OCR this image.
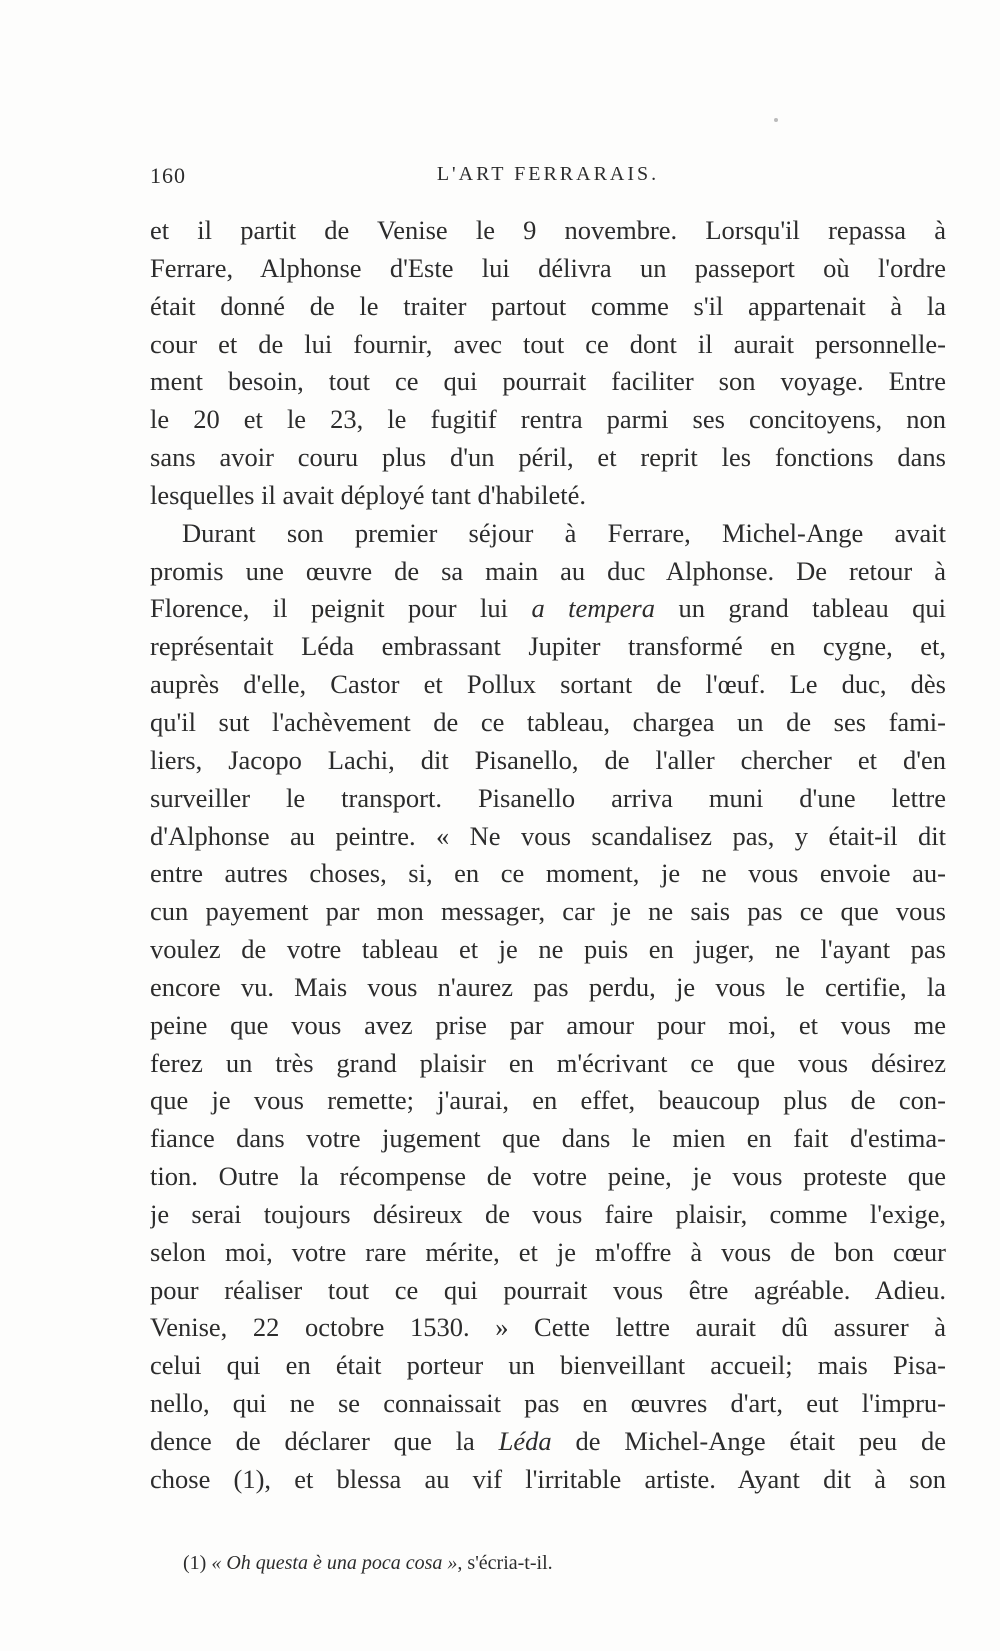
160	L'ART FERRARAIS.
et il partit de Venise le 9 novembre. Lorsqu'il repassa à
Ferrare, Alphonse d'Este lui délivra un passeport où l'ordre
était donné de le traiter partout comme s'il appartenait à la
cour et de lui fournir, avec tout ce dont il aurait personnelle-
ment besoin, tout ce qui pourrait faciliter son voyage. Entre
le 20 et le 23, le fugitif rentra parmi ses concitoyens, non
sans avoir couru plus d'un péril, et reprit les fonctions dans
lesquelles il avait déployé tant d'habileté.
Durant son premier séjour à Ferrare, Michel-Ange avait
promis une œuvre de sa main au duc Alphonse. De retour à
Florence, il peignit pour lui a tempera un grand tableau qui
représentait Léda embrassant Jupiter transformé en cygne, et,
auprès d'elle, Castor et Pollux sortant de l'œuf. Le duc, dès
qu'il sut l'achèvement de ce tableau, chargea un de ses fami-
liers, Jacopo Lachi, dit Pisanello, de l'aller chercher et d'en
surveiller le transport. Pisanello arriva muni d'une lettre
d'Alphonse au peintre. « Ne vous scandalisez pas, y était-il dit
entre autres choses, si, en ce moment, je ne vous envoie au-
cun payement par mon messager, car je ne sais pas ce que vous
voulez de votre tableau et je ne puis en juger, ne l'ayant pas
encore vu. Mais vous n'aurez pas perdu, je vous le certifie, la
peine que vous avez prise par amour pour moi, et vous me
ferez un très grand plaisir en m'écrivant ce que vous désirez
que je vous remette; j'aurai, en effet, beaucoup plus de con-
fiance dans votre jugement que dans le mien en fait d'estima-
tion. Outre la récompense de votre peine, je vous proteste que
je serai toujours désireux de vous faire plaisir, comme l'exige,
selon moi, votre rare mérite, et je m'offre à vous de bon cœur
pour réaliser tout ce qui pourrait vous être agréable. Adieu.
Venise, 22 octobre 1530. » Cette lettre aurait dû assurer à
celui qui en était porteur un bienveillant accueil; mais Pisa-
nello, qui ne se connaissait pas en œuvres d'art, eut l'impru-
dence de déclarer que la Léda de Michel-Ange était peu de
chose (1), et blessa au vif l'irritable artiste. Ayant dit à son
(1) « Oh questa è una poca cosa », s'écria-t-il.
